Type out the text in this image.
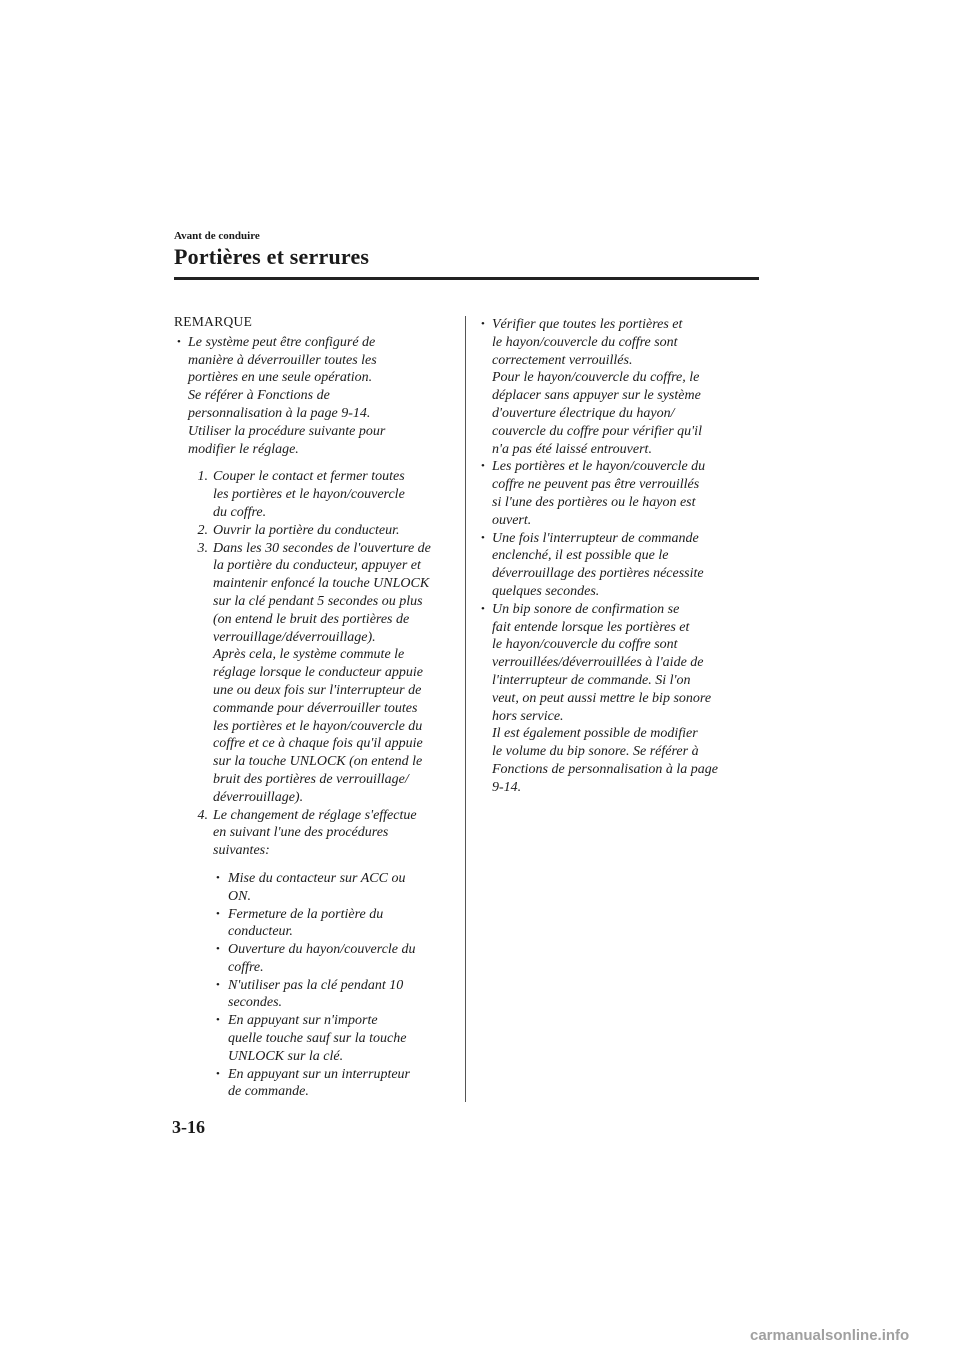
Avant de conduire
Portières et serrures
REMARQUE
• Le système peut être configuré de
manière à déverrouiller toutes les
portières en une seule opération.
Se référer à Fonctions de
personnalisation à la page 9-14.
Utiliser la procédure suivante pour
modifier le réglage.
1. Couper le contact et fermer toutes
les portières et le hayon/couvercle
du coffre.
2. Ouvrir la portière du conducteur.
3. Dans les 30 secondes de l'ouverture de
la portière du conducteur, appuyer et
maintenir enfoncé la touche UNLOCK
sur la clé pendant 5 secondes ou plus
(on entend le bruit des portières de
verrouillage/déverrouillage).
Après cela, le système commute le
réglage lorsque le conducteur appuie
une ou deux fois sur l'interrupteur de
commande pour déverrouiller toutes
les portières et le hayon/couvercle du
coffre et ce à chaque fois qu'il appuie
sur la touche UNLOCK (on entend le
bruit des portières de verrouillage/
déverrouillage).
4. Le changement de réglage s'effectue
en suivant l'une des procédures
suivantes:
• Mise du contacteur sur ACC ou
ON.
• Fermeture de la portière du
conducteur.
• Ouverture du hayon/couvercle du
coffre.
• N'utiliser pas la clé pendant 10
secondes.
• En appuyant sur n'importe
quelle touche sauf sur la touche
UNLOCK sur la clé.
• En appuyant sur un interrupteur
de commande.
• Vérifier que toutes les portières et
le hayon/couvercle du coffre sont
correctement verrouillés.
Pour le hayon/couvercle du coffre, le
déplacer sans appuyer sur le système
d'ouverture électrique du hayon/
couvercle du coffre pour vérifier qu'il
n'a pas été laissé entrouvert.
• Les portières et le hayon/couvercle du
coffre ne peuvent pas être verrouillés
si l'une des portières ou le hayon est
ouvert.
• Une fois l'interrupteur de commande
enclenché, il est possible que le
déverrouillage des portières nécessite
quelques secondes.
• Un bip sonore de confirmation se
fait entende lorsque les portières et
le hayon/couvercle du coffre sont
verrouillées/déverrouillées à l'aide de
l'interrupteur de commande. Si l'on
veut, on peut aussi mettre le bip sonore
hors service.
Il est également possible de modifier
le volume du bip sonore. Se référer à
Fonctions de personnalisation à la page
9-14.
3-16
carmanualsonline.info
